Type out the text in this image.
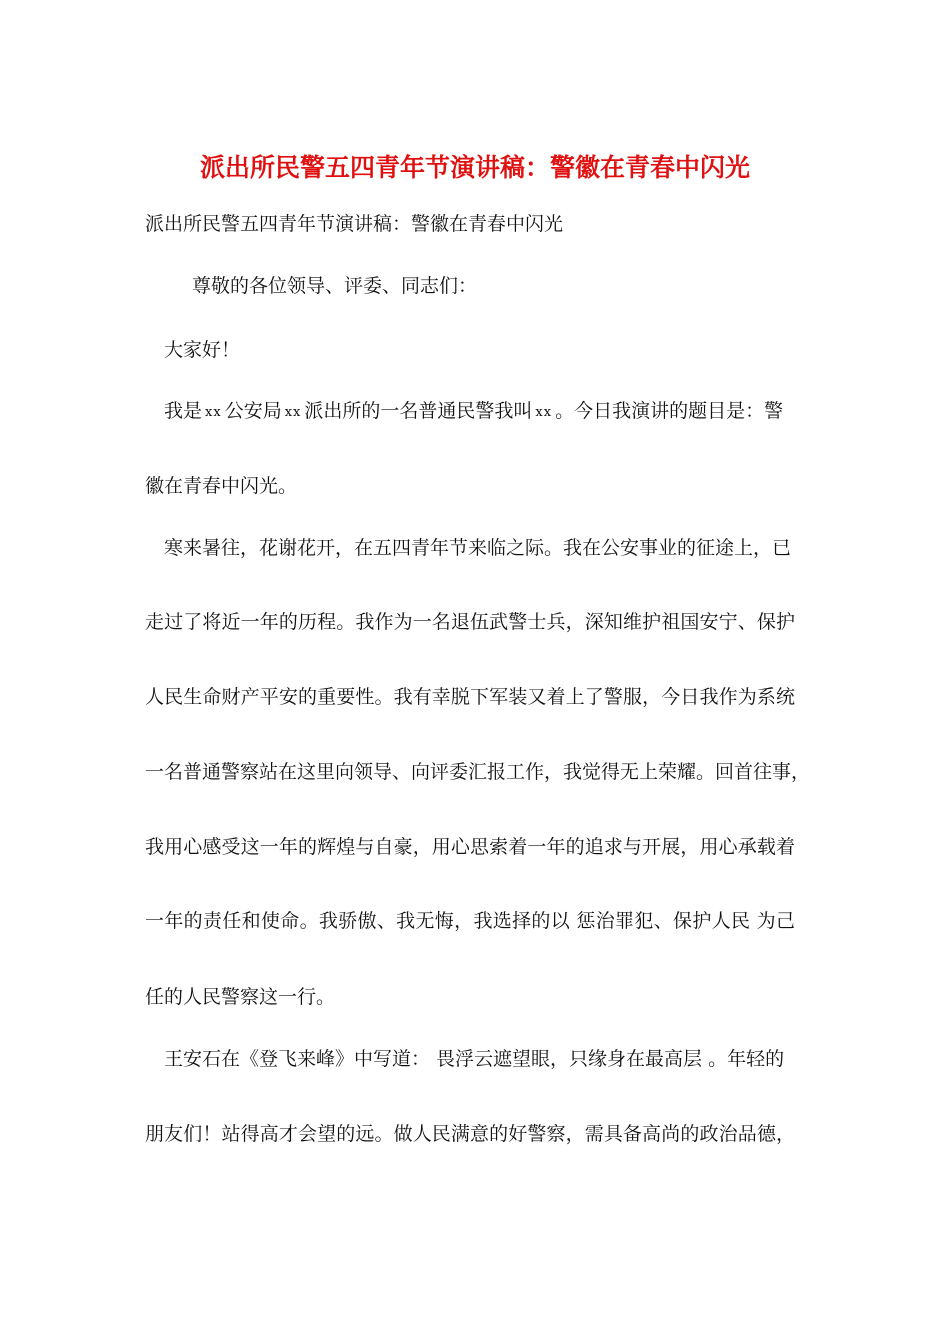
派出所民警五四青年节演讲稿：警徽在青春中闪光
派出所民警五四青年节演讲稿：警徽在青春中闪光
尊敬的各位领导、评委、同志们：
大家好！
我是 xx 公安局 xx 派出所的一名普通民警我叫 xx 。今日我演讲的题目是：警
徽在青春中闪光。
寒来暑往，花谢花开，在五四青年节来临之际。我在公安事业的征途上，已
走过了将近一年的历程。我作为一名退伍武警士兵，深知维护祖国安宁、保护
人民生命财产平安的重要性。我有幸脱下军装又着上了警服，今日我作为系统
一名普通警察站在这里向领导、向评委汇报工作，我觉得无上荣耀。回首往事，
我用心感受这一年的辉煌与自豪，用心思索着一年的追求与开展，用心承载着
一年的责任和使命。我骄傲、我无悔，我选择的以 惩治罪犯、保护人民 为己
任的人民警察这一行。
王安石在《登飞来峰》中写道： 畏浮云遮望眼，只缘身在最高层 。年轻的
朋友们！站得高才会望的远。做人民满意的好警察，需具备高尚的政治品德，
